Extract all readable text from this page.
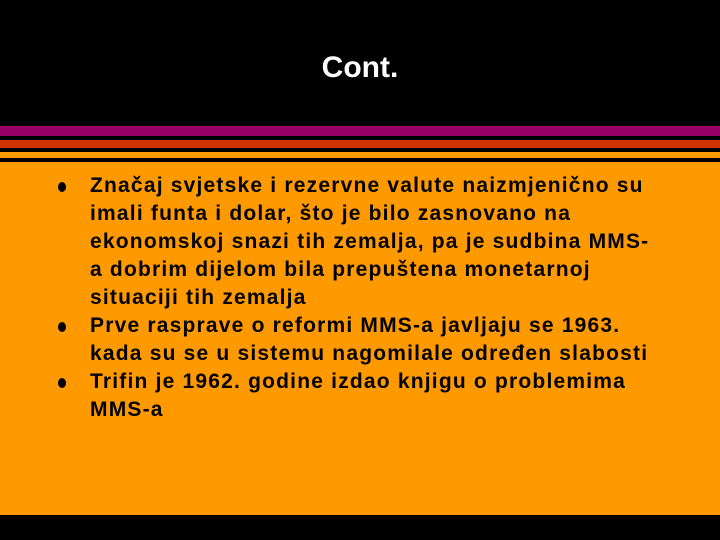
Cont.
Značaj svjetske i rezervne valute naizmjenično su imali funta i dolar, što je bilo zasnovano na ekonomskoj snazi tih zemalja, pa je sudbina MMS-a dobrim dijelom bila prepuštena monetarnoj situaciji tih zemalja
Prve rasprave o reformi MMS-a javljaju se 1963. kada su se u sistemu nagomilale određen slabosti
Trifin je 1962. godine izdao knjigu o problemima MMS-a
